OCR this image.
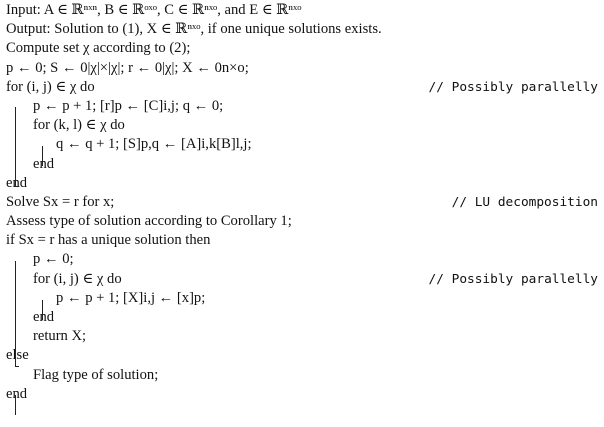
Input: A ∈ ℝⁿˣⁿ, B ∈ ℝᵒˣᵒ, C ∈ ℝⁿˣᵒ, and E ∈ ℝⁿˣᵒ
Output: Solution to (1), X ∈ ℝⁿˣᵒ, if one unique solutions exists.
Compute set χ according to (2);
p ← 0; S ← 0|χ|×|χ|; r ← 0|χ|; X ← 0n×o;
for (i, j) ∈ χ do	// Possibly parallelly
p ← p + 1; [r]p ← [C]i,j; q ← 0;
for (k, l) ∈ χ do
q ← q + 1; [S]p,q ← [A]i,k[B]l,j;
end
end
Solve Sx = r for x;	// LU decomposition
Assess type of solution according to Corollary 1;
if Sx = r has a unique solution then
p ← 0;
for (i, j) ∈ χ do	// Possibly parallelly
p ← p + 1; [X]i,j ← [x]p;
end
return X;
else
Flag type of solution;
end
